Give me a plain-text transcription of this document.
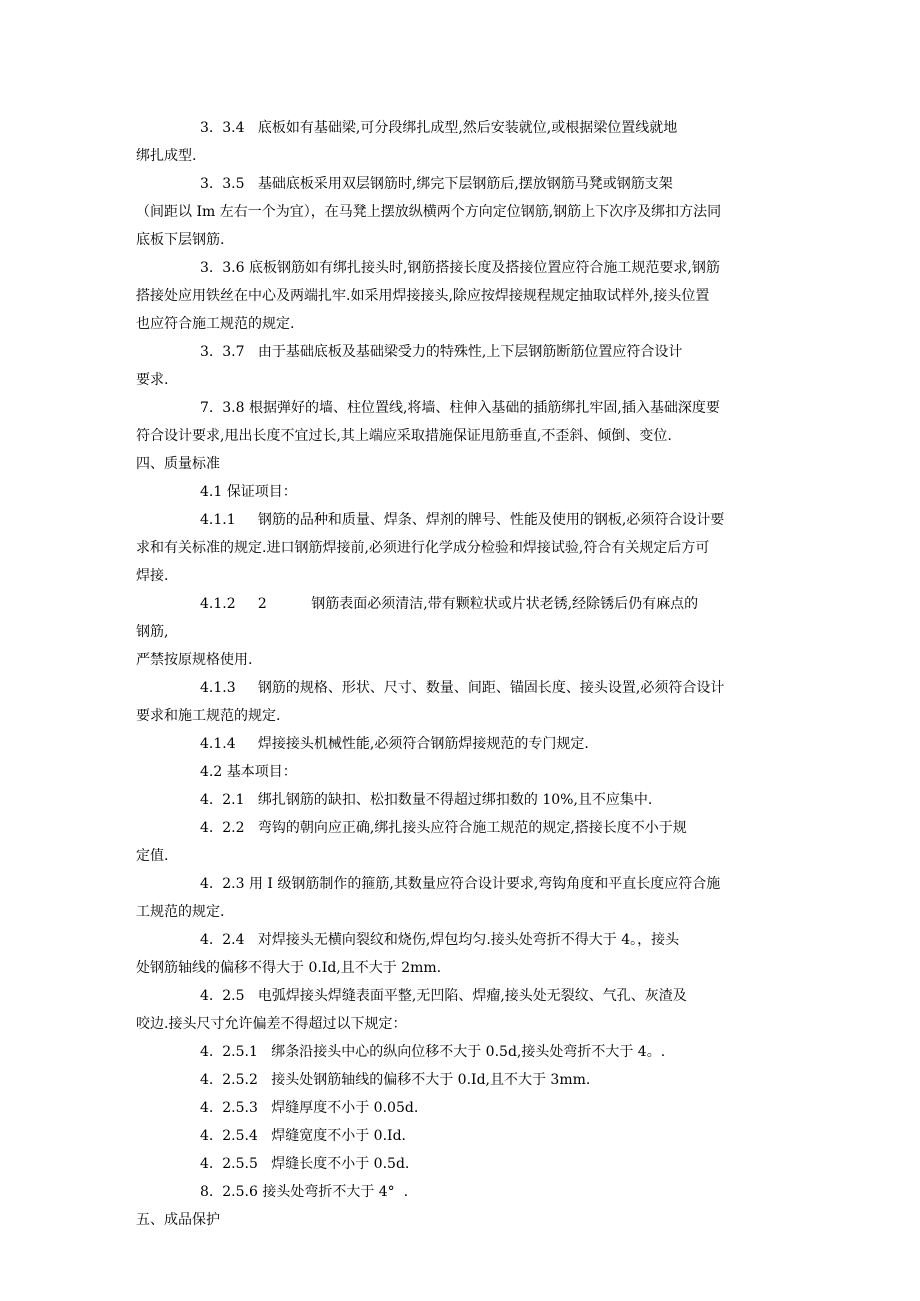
3.  3.4   底板如有基础梁,可分段绑扎成型,然后安装就位,或根据梁位置线就地
绑扎成型.
3.  3.5   基础底板采用双层钢筋时,绑完下层钢筋后,摆放钢筋马凳或钢筋支架
（间距以 Im 左右一个为宜），在马凳上摆放纵横两个方向定位钢筋,钢筋上下次序及绑扣方法同
底板下层钢筋.
3.  3.6 底板钢筋如有绑扎接头时,钢筋搭接长度及搭接位置应符合施工规范要求,钢筋
搭接处应用铁丝在中心及两端扎牢.如采用焊接接头,除应按焊接规程规定抽取试样外,接头位置
也应符合施工规范的规定.
3.  3.7   由于基础底板及基础梁受力的特殊性,上下层钢筋断筋位置应符合设计
要求.
7.  3.8 根据弹好的墙、柱位置线,将墙、柱伸入基础的插筋绑扎牢固,插入基础深度要
符合设计要求,甩出长度不宜过长,其上端应采取措施保证甩筋垂直,不歪斜、倾倒、变位.
四、质量标准
4.1 保证项目：
4.1.1     钢筋的品种和质量、焊条、焊剂的牌号、性能及使用的钢板,必须符合设计要
求和有关标准的规定.进口钢筋焊接前,必须进行化学成分检验和焊接试验,符合有关规定后方可
焊接.
4.1.2     2          钢筋表面必须清洁,带有颗粒状或片状老锈,经除锈后仍有麻点的
钢筋,
严禁按原规格使用.
4.1.3     钢筋的规格、形状、尺寸、数量、间距、锚固长度、接头设置,必须符合设计
要求和施工规范的规定.
4.1.4     焊接接头机械性能,必须符合钢筋焊接规范的专门规定.
4.2 基本项目：
4.  2.1   绑扎钢筋的缺扣、松扣数量不得超过绑扣数的 10%,且不应集中.
4.  2.2   弯钩的朝向应正确,绑扎接头应符合施工规范的规定,搭接长度不小于规
定值.
4.  2.3 用 I 级钢筋制作的箍筋,其数量应符合设计要求,弯钩角度和平直长度应符合施
工规范的规定.
4.  2.4   对焊接头无横向裂纹和烧伤,焊包均匀.接头处弯折不得大于 4。，接头
处钢筋轴线的偏移不得大于 0.Id,且不大于 2mm.
4.  2.5   电弧焊接头焊缝表面平整,无凹陷、焊瘤,接头处无裂纹、气孔、灰渣及
咬边.接头尺寸允许偏差不得超过以下规定：
4.  2.5.1   绑条沿接头中心的纵向位移不大于 0.5d,接头处弯折不大于 4。.
4.  2.5.2   接头处钢筋轴线的偏移不大于 0.Id,且不大于 3mm.
4.  2.5.3   焊缝厚度不小于 0.05d.
4.  2.5.4   焊缝宽度不小于 0.Id.
4.  2.5.5   焊缝长度不小于 0.5d.
8.  2.5.6 接头处弯折不大于 4°  .
五、成品保护
